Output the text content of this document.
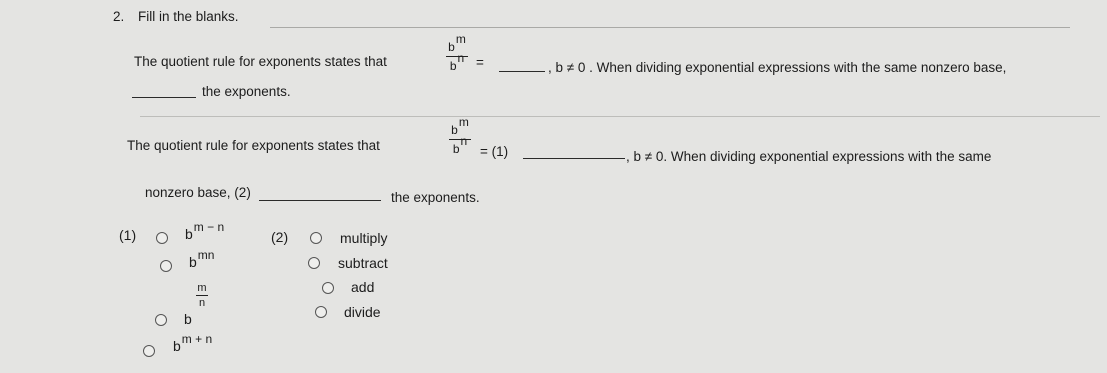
2. Fill in the blanks.
The quotient rule for exponents states that
$b^m$
$b^n$ =	, b ≠ 0 . When dividing exponential expressions with the same nonzero base,
the exponents.
The quotient rule for exponents states that
$b^m$
$b^n$
= (1)	, b ≠ 0. When dividing exponential expressions with the same
nonzero base, (2)	the exponents.
(1)	$b^{m - n}$
$b^{mn}$
b
m
n
$b^{m + n}$
(2)	multiply
subtract
add
divide
